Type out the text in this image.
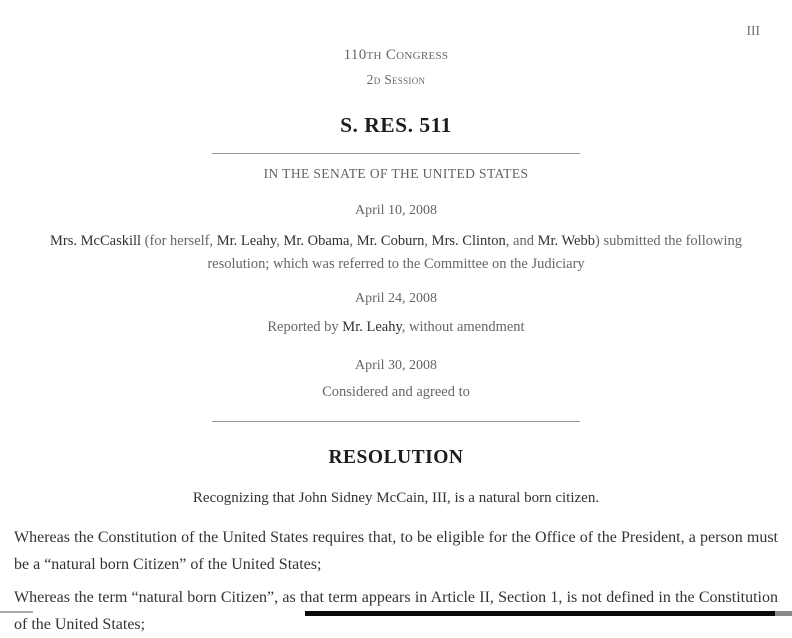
III

110th Congress

2d Session

S. RES. 511

IN THE SENATE OF THE UNITED STATES

April 10, 2008

Mrs. McCaskill (for herself, Mr. Leahy, Mr. Obama, Mr. Coburn, Mrs. Clinton, and Mr. Webb) submitted the following resolution; which was referred to the Committee on the Judiciary

April 24, 2008

Reported by Mr. Leahy, without amendment

April 30, 2008

Considered and agreed to

RESOLUTION

Recognizing that John Sidney McCain, III, is a natural born citizen.

Whereas the Constitution of the United States requires that, to be eligible for the Office of the President, a person must be a “natural born Citizen” of the United States;

Whereas the term “natural born Citizen”, as that term appears in Article II, Section 1, is not defined in the Constitution of the United States;
